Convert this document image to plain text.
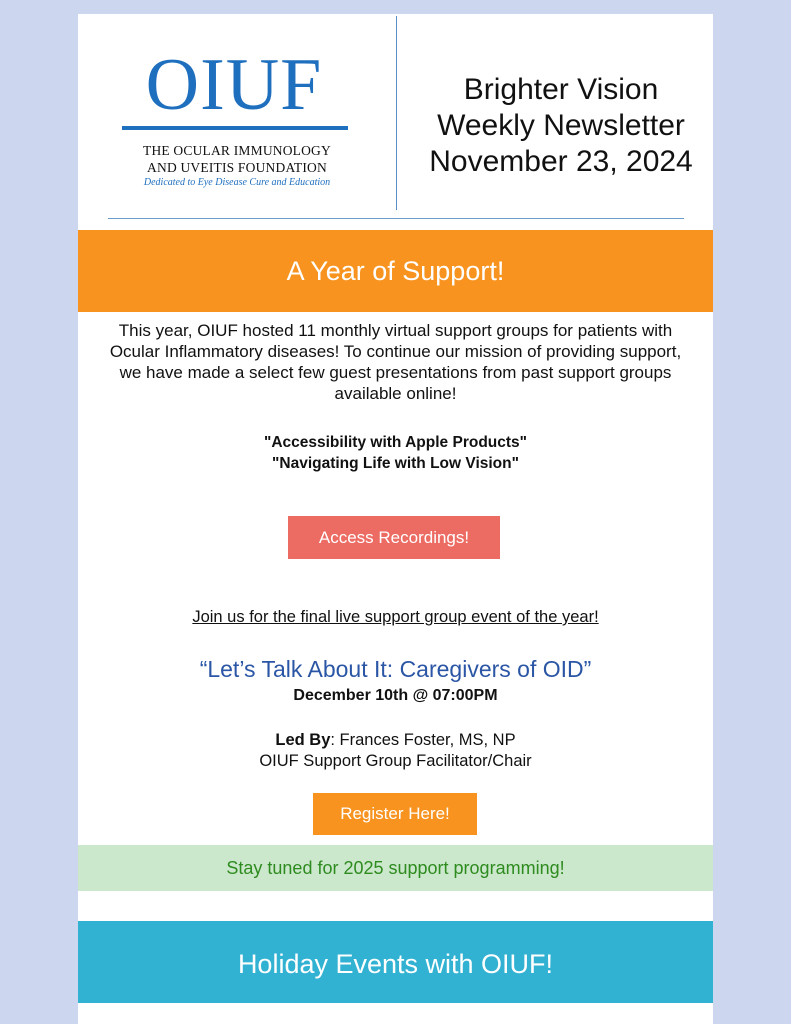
OIUF
THE OCULAR IMMUNOLOGY
AND UVEITIS FOUNDATION
Dedicated to Eye Disease Cure and Education
Brighter Vision
Weekly Newsletter
November 23, 2024
A Year of Support!
This year, OIUF hosted 11 monthly virtual support groups for patients with Ocular Inflammatory diseases! To continue our mission of providing support, we have made a select few guest presentations from past support groups available online!
"Accessibility with Apple Products"
"Navigating Life with Low Vision"
Access Recordings!
Join us for the final live support group event of the year!
“Let’s Talk About It: Caregivers of OID”
December 10th @ 07:00PM
Led By: Frances Foster, MS, NP
OIUF Support Group Facilitator/Chair
Register Here!
Stay tuned for 2025 support programming!
Holiday Events with OIUF!
